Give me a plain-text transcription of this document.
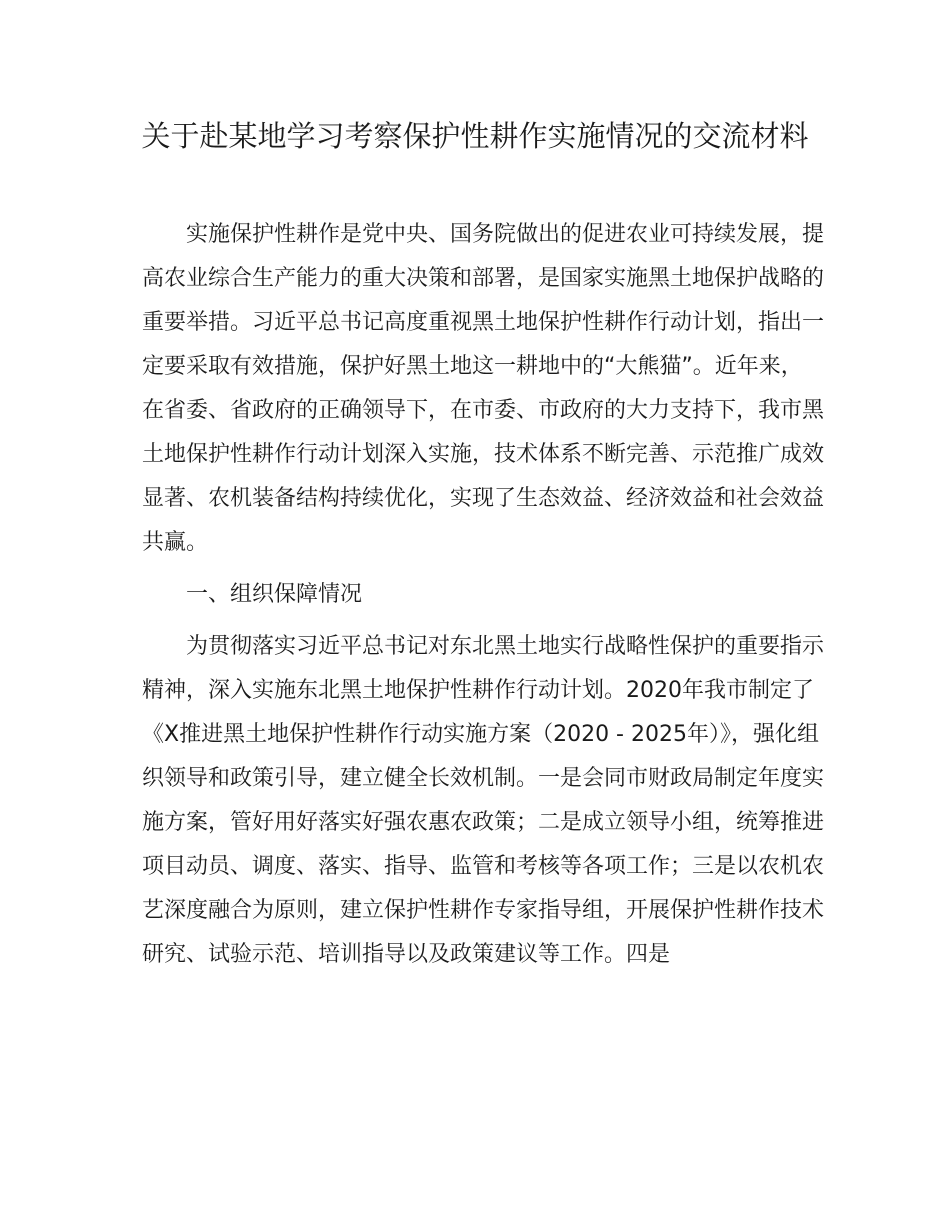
关于赴某地学习考察保护性耕作实施情况的交流材料

实施保护性耕作是党中央、国务院做出的促进农业可持续发展，提高农业综合生产能力的重大决策和部署，是国家实施黑土地保护战略的重要举措。习近平总书记高度重视黑土地保护性耕作行动计划，指出一定要采取有效措施，保护好黑土地这一耕地中的“大熊猫”。近年来，在省委、省政府的正确领导下，在市委、市政府的大力支持下，我市黑土地保护性耕作行动计划深入实施，技术体系不断完善、示范推广成效显著、农机装备结构持续优化，实现了生态效益、经济效益和社会效益共赢。

一、组织保障情况

为贯彻落实习近平总书记对东北黑土地实行战略性保护的重要指示精神，深入实施东北黑土地保护性耕作行动计划。2020年我市制定了《X推进黑土地保护性耕作行动实施方案（2020 - 2025年）》，强化组织领导和政策引导，建立健全长效机制。一是会同市财政局制定年度实施方案，管好用好落实好强农惠农政策；二是成立领导小组，统筹推进项目动员、调度、落实、指导、监管和考核等各项工作；三是以农机农艺深度融合为原则，建立保护性耕作专家指导组，开展保护性耕作技术研究、试验示范、培训指导以及政策建议等工作。四是
